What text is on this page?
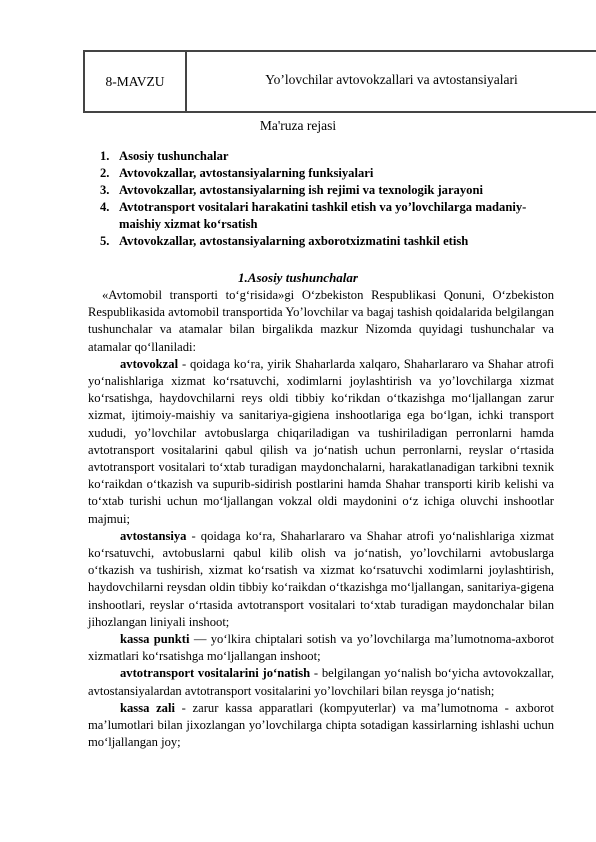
8-MAVZU	Yo’lovchilar avtovokzallari va avtostansiyalari
Ma'ruza rejasi
1. Asosiy tushunchalar
2. Avtovokzallar, avtostansiyalarning funksiyalari
3. Avtovokzallar, avtostansiyalarning ish rejimi va texnologik jarayoni
4. Avtotransport vositalari harakatini tashkil etish va yo’lovchilarga madaniy-maishiy xizmat ko‘rsatish
5. Avtovokzallar, avtostansiyalarning axborotxizmatini tashkil etish
1.Asosiy tushunchalar

«Avtomobil transporti to‘g‘risida»gi O‘zbekiston Respublikasi Qonuni, O‘zbekiston Respublikasida avtomobil transportida Yo’lovchilar va bagaj tashish qoidalarida belgilangan tushunchalar va atamalar bilan birgalikda mazkur Nizomda quyidagi tushunchalar va atamalar qo‘llaniladi:

avtovokzal - qoidaga ko‘ra, yirik Shaharlarda xalqaro, Shaharlararo va Shahar atrofi yo‘nalishlariga xizmat ko‘rsatuvchi, xodimlarni joylashtirish va yo’lovchilarga xizmat ko‘rsatishga, haydovchilarni reys oldi tibbiy ko‘rikdan o‘tkazishga mo‘ljallangan zarur xizmat, ijtimoiy-maishiy va sanitariya-gigiena inshootlariga ega bo‘lgan, ichki transport xududi, yo’lovchilar avtobuslarga chiqariladigan va tushiriladigan perronlarni hamda avtotransport vositalarini qabul qilish va jo‘natish uchun perronlarni, reyslar o‘rtasida avtotransport vositalari to‘xtab turadigan maydonchalarni, harakatlanadigan tarkibni texnik ko‘raikdan o‘tkazish va supurib-sidirish postlarini hamda Shahar transporti kirib kelishi va to‘xtab turishi uchun mo‘ljallangan vokzal oldi maydonini o‘z ichiga oluvchi inshootlar majmui;

avtostansiya - qoidaga ko‘ra, Shaharlararo va Shahar atrofi yo‘nalishlariga xizmat ko‘rsatuvchi, avtobuslarni qabul kilib olish va jo‘natish, yo’lovchilarni avtobuslarga o‘tkazish va tushirish, xizmat ko‘rsatish va xizmat ko‘rsatuvchi xodimlarni joylashtirish, haydovchilarni reysdan oldin tibbiy ko‘raikdan o‘tkazishga mo‘ljallangan, sanitariya-gigena inshootlari, reyslar o‘rtasida avtotransport vositalari to‘xtab turadigan maydonchalar bilan jihozlangan liniyali inshoot;

kassa punkti — yo‘lkira chiptalari sotish va yo’lovchilarga ma’lumotnoma-axborot xizmatlari ko‘rsatishga mo‘ljallangan inshoot;

avtotransport vositalarini jo‘natish - belgilangan yo‘nalish bo‘yicha avtovokzallar, avtostansiyalardan avtotransport vositalarini yo’lovchilari bilan reysga jo‘natish;

kassa zali - zarur kassa apparatlari (kompyuterlar) va ma’lumotnoma - axborot ma’lumotlari bilan jixozlangan yo’lovchilarga chipta sotadigan kassirlarning ishlashi uchun mo‘ljallangan joy;
